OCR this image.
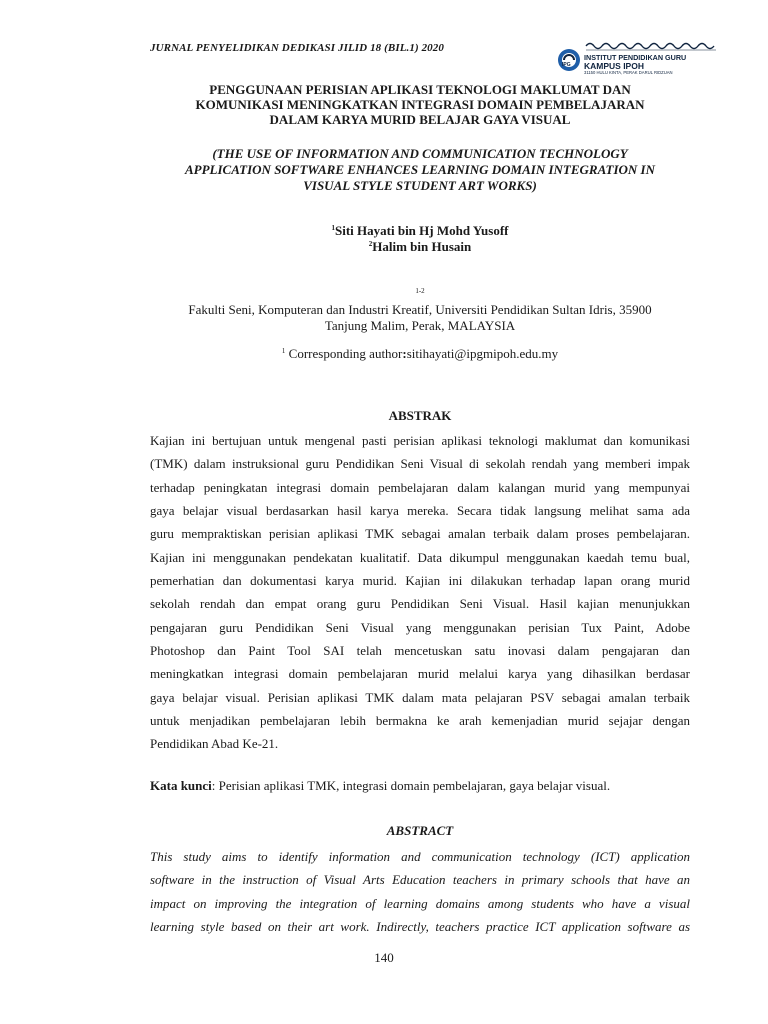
JURNAL PENYELIDIKAN DEDIKASI JILID 18 (BIL.1) 2020
IPG
INSTITUT PENDIDIKAN GURU
KAMPUS IPOH
31150 HULU KINTA, PERAK DARUL RIDZUAN
PENGGUNAAN PERISIAN APLIKASI TEKNOLOGI MAKLUMAT DAN
KOMUNIKASI MENINGKATKAN INTEGRASI DOMAIN PEMBELAJARAN
DALAM KARYA MURID BELAJAR GAYA VISUAL
(THE USE OF INFORMATION AND COMMUNICATION TECHNOLOGY
APPLICATION SOFTWARE ENHANCES LEARNING DOMAIN INTEGRATION IN
VISUAL STYLE STUDENT ART WORKS)
$^1$Siti Hayati bin Hj Mohd Yusoff
$^2$Halim bin Husain
$^{1-2}$
Fakulti Seni, Komputeran dan Industri Kreatif, Universiti Pendidikan Sultan Idris, 35900
Tanjung Malim, Perak, MALAYSIA
$^1$ Corresponding author:sitihayati@ipgmipoh.edu.my
ABSTRAK
Kajian ini bertujuan untuk mengenal pasti perisian aplikasi teknologi maklumat dan komunikasi
(TMK) dalam instruksional guru Pendidikan Seni Visual di sekolah rendah yang memberi impak
terhadap peningkatan integrasi domain pembelajaran dalam kalangan murid yang mempunyai
gaya belajar visual berdasarkan hasil karya mereka. Secara tidak langsung melihat sama ada
guru mempraktiskan perisian aplikasi TMK sebagai amalan terbaik dalam proses pembelajaran.
Kajian ini menggunakan pendekatan kualitatif. Data dikumpul menggunakan kaedah temu bual,
pemerhatian dan dokumentasi karya murid. Kajian ini dilakukan terhadap lapan orang murid
sekolah rendah dan empat orang guru Pendidikan Seni Visual. Hasil kajian menunjukkan
pengajaran guru Pendidikan Seni Visual yang menggunakan perisian Tux Paint, Adobe
Photoshop dan Paint Tool SAI telah mencetuskan satu inovasi dalam pengajaran dan
meningkatkan integrasi domain pembelajaran murid melalui karya yang dihasilkan berdasar
gaya belajar visual. Perisian aplikasi TMK dalam mata pelajaran PSV sebagai amalan terbaik
untuk menjadikan pembelajaran lebih bermakna ke arah kemenjadian murid sejajar dengan
Pendidikan Abad Ke-21.
Kata kunci: Perisian aplikasi TMK, integrasi domain pembelajaran, gaya belajar visual.
ABSTRACT
This study aims to identify information and communication technology (ICT) application
software in the instruction of Visual Arts Education teachers in primary schools that have an
impact on improving the integration of learning domains among students who have a visual
learning style based on their art work. Indirectly, teachers practice ICT application software as
140
